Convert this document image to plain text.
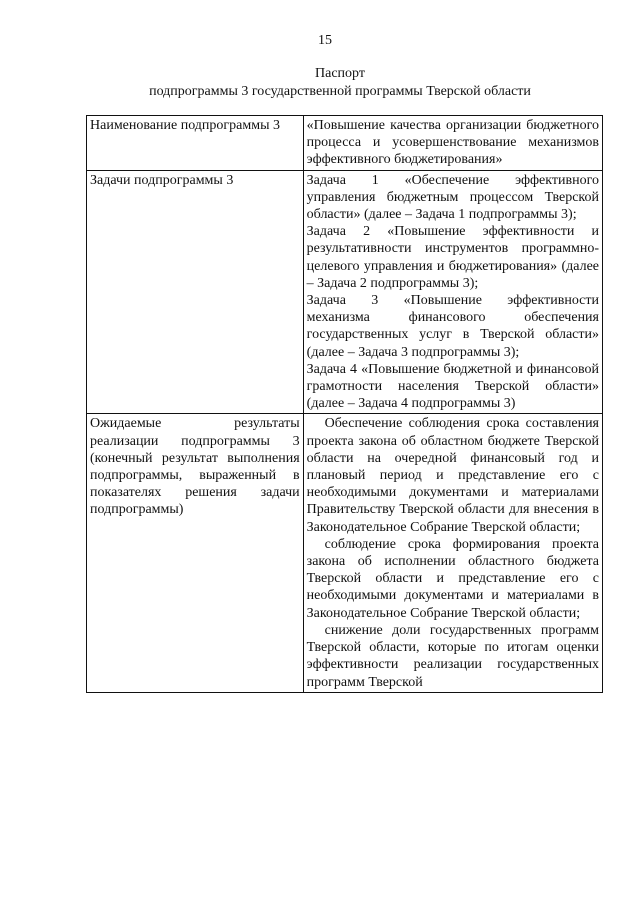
15
Паспорт
подпрограммы 3 государственной программы Тверской области
Наименование подпрограммы 3	«Повышение качества организации бюджетного процесса и усовершенствование механизмов эффективного бюджетирования»

Задачи подпрограммы 3	Задача 1 «Обеспечение эффективного управления бюджетным процессом Тверской области» (далее – Задача 1 подпрограммы 3);

Задача 2 «Повышение эффективности и результативности инструментов программно-целевого управления и бюджетирования» (далее – Задача 2 подпрограммы 3);

Задача 3 «Повышение эффективности механизма финансового обеспечения государственных услуг в Тверской области» (далее – Задача 3 подпрограммы 3);

Задача 4 «Повышение бюджетной и финансовой грамотности населения Тверской области» (далее – Задача 4 подпрограммы 3)

Ожидаемые результаты реализации подпрограммы 3 (конечный результат выполнения подпрограммы, выраженный в показателях решения задачи подпрограммы)	Обеспечение соблюдения срока составления проекта закона об областном бюджете Тверской области на очередной финансовый год и плановый период и представление его с необходимыми документами и материалами Правительству Тверской области для внесения в Законодательное Собрание Тверской области;

соблюдение срока формирования проекта закона об исполнении областного бюджета Тверской области и представление его с необходимыми документами и материалами в Законодательное Собрание Тверской области;

снижение доли государственных программ Тверской области, которые по итогам оценки эффективности реализации государственных программ Тверской
